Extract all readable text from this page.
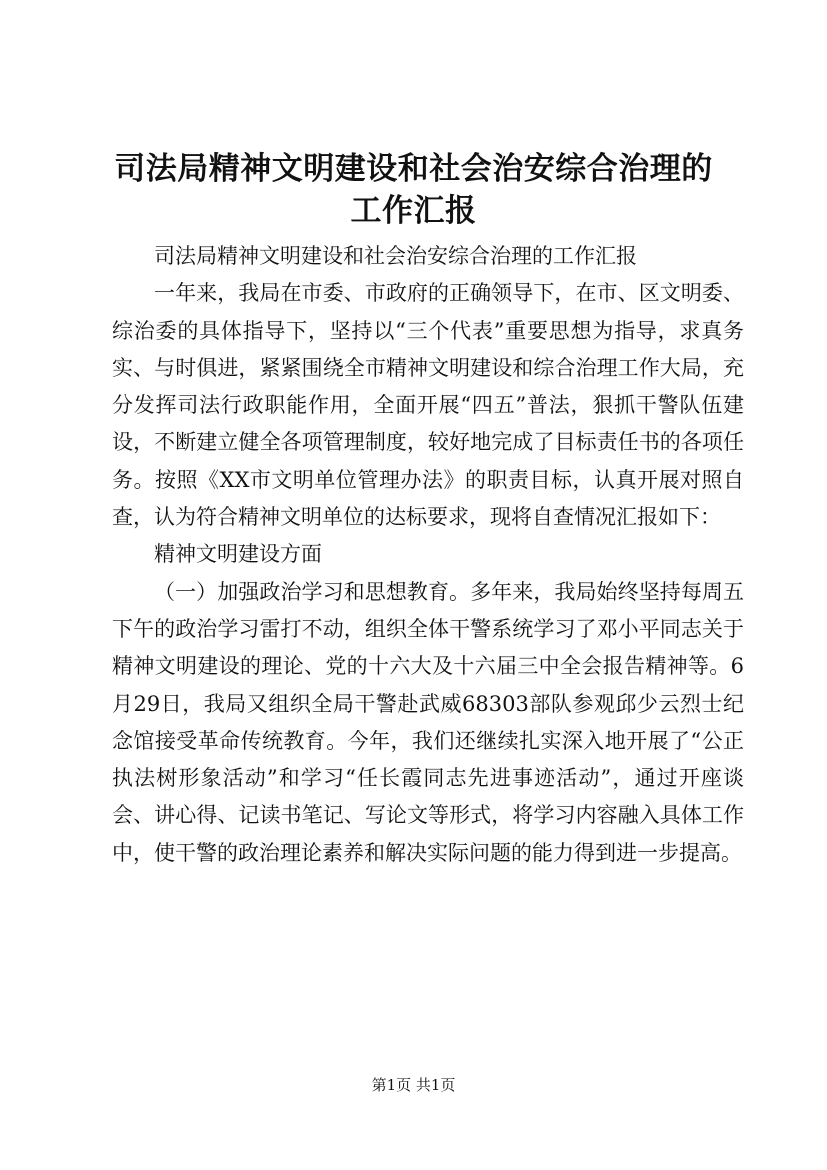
司法局精神文明建设和社会治安综合治理的工作汇报

司法局精神文明建设和社会治安综合治理的工作汇报

一年来，我局在市委、市政府的正确领导下，在市、区文明委、综治委的具体指导下，坚持以“三个代表”重要思想为指导，求真务实、与时俱进，紧紧围绕全市精神文明建设和综合治理工作大局，充分发挥司法行政职能作用，全面开展“四五”普法，狠抓干警队伍建设，不断建立健全各项管理制度，较好地完成了目标责任书的各项任务。按照《XX市文明单位管理办法》的职责目标，认真开展对照自查，认为符合精神文明单位的达标要求，现将自查情况汇报如下：

精神文明建设方面

（一）加强政治学习和思想教育。多年来，我局始终坚持每周五下午的政治学习雷打不动，组织全体干警系统学习了邓小平同志关于精神文明建设的理论、党的十六大及十六届三中全会报告精神等。6月29日，我局又组织全局干警赴武威68303部队参观邱少云烈士纪念馆接受革命传统教育。今年，我们还继续扎实深入地开展了“公正执法树形象活动”和学习“任长霞同志先进事迹活动”，通过开座谈会、讲心得、记读书笔记、写论文等形式，将学习内容融入具体工作中，使干警的政治理论素养和解决实际问题的能力得到进一步提高。

第1页 共1页
